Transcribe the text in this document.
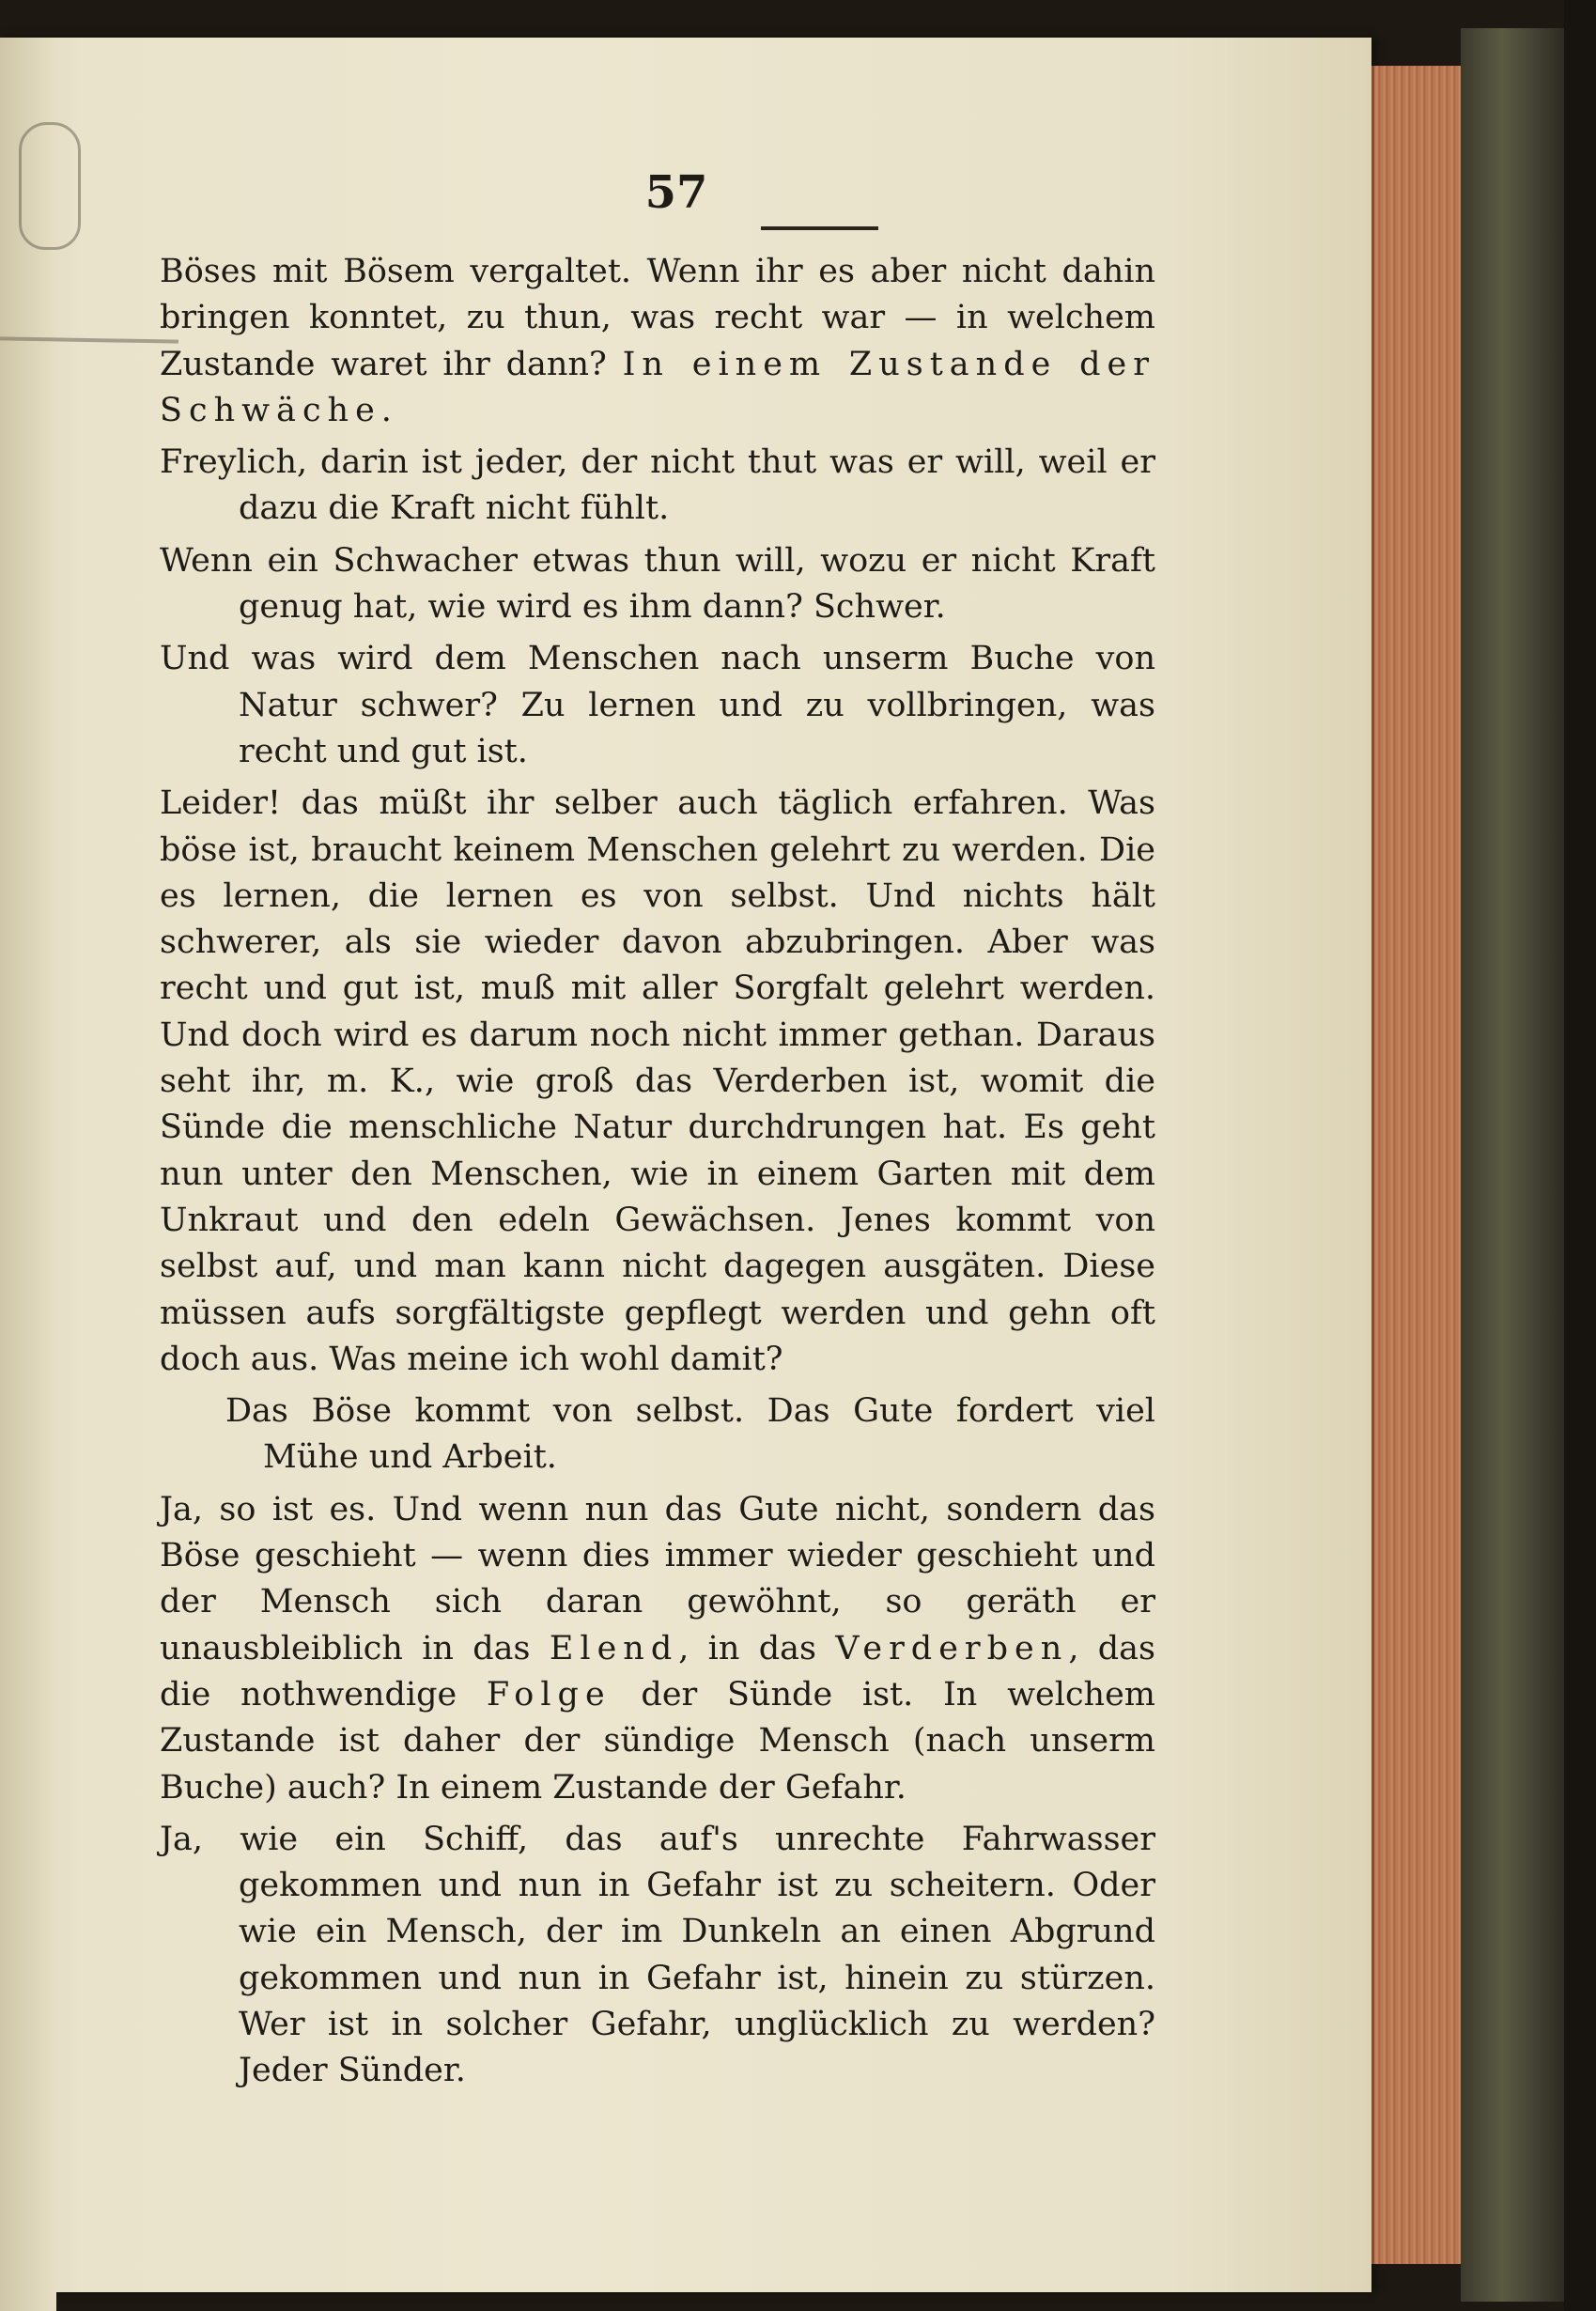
57

Böses mit Bösem vergaltet. Wenn ihr es aber nicht dahin bringen konntet, zu thun, was recht war — in welchem Zustande waret ihr dann? In einem Zustande der Schwäche.

Freylich, darin ist jeder, der nicht thut was er will, weil er dazu die Kraft nicht fühlt.

Wenn ein Schwacher etwas thun will, wozu er nicht Kraft genug hat, wie wird es ihm dann? Schwer.

Und was wird dem Menschen nach unserm Buche von Natur schwer? Zu lernen und zu vollbringen, was recht und gut ist.

Leider! das müßt ihr selber auch täglich erfahren. Was böse ist, braucht keinem Menschen gelehrt zu werden. Die es lernen, die lernen es von selbst. Und nichts hält schwerer, als sie wieder davon abzubringen. Aber was recht und gut ist, muß mit aller Sorgfalt gelehrt werden. Und doch wird es darum noch nicht immer gethan. Daraus seht ihr, m. K., wie groß das Verderben ist, womit die Sünde die menschliche Natur durchdrungen hat. Es geht nun unter den Menschen, wie in einem Garten mit dem Unkraut und den edeln Gewächsen. Jenes kommt von selbst auf, und man kann nicht dagegen ausgäten. Diese müssen aufs sorgfältigste gepflegt werden und gehn oft doch aus. Was meine ich wohl damit?

Das Böse kommt von selbst. Das Gute fordert viel Mühe und Arbeit.

Ja, so ist es. Und wenn nun das Gute nicht, sondern das Böse geschieht — wenn dies immer wieder geschieht und der Mensch sich daran gewöhnt, so geräth er unausbleiblich in das Elend, in das Verderben, das die nothwendige Folge der Sünde ist. In welchem Zustande ist daher der sündige Mensch (nach unserm Buche) auch? In einem Zustande der Gefahr.

Ja, wie ein Schiff, das auf's unrechte Fahrwasser gekommen und nun in Gefahr ist zu scheitern. Oder wie ein Mensch, der im Dunkeln an einen Abgrund gekommen und nun in Gefahr ist, hinein zu stürzen. Wer ist in solcher Gefahr, unglücklich zu werden? Jeder Sünder.
